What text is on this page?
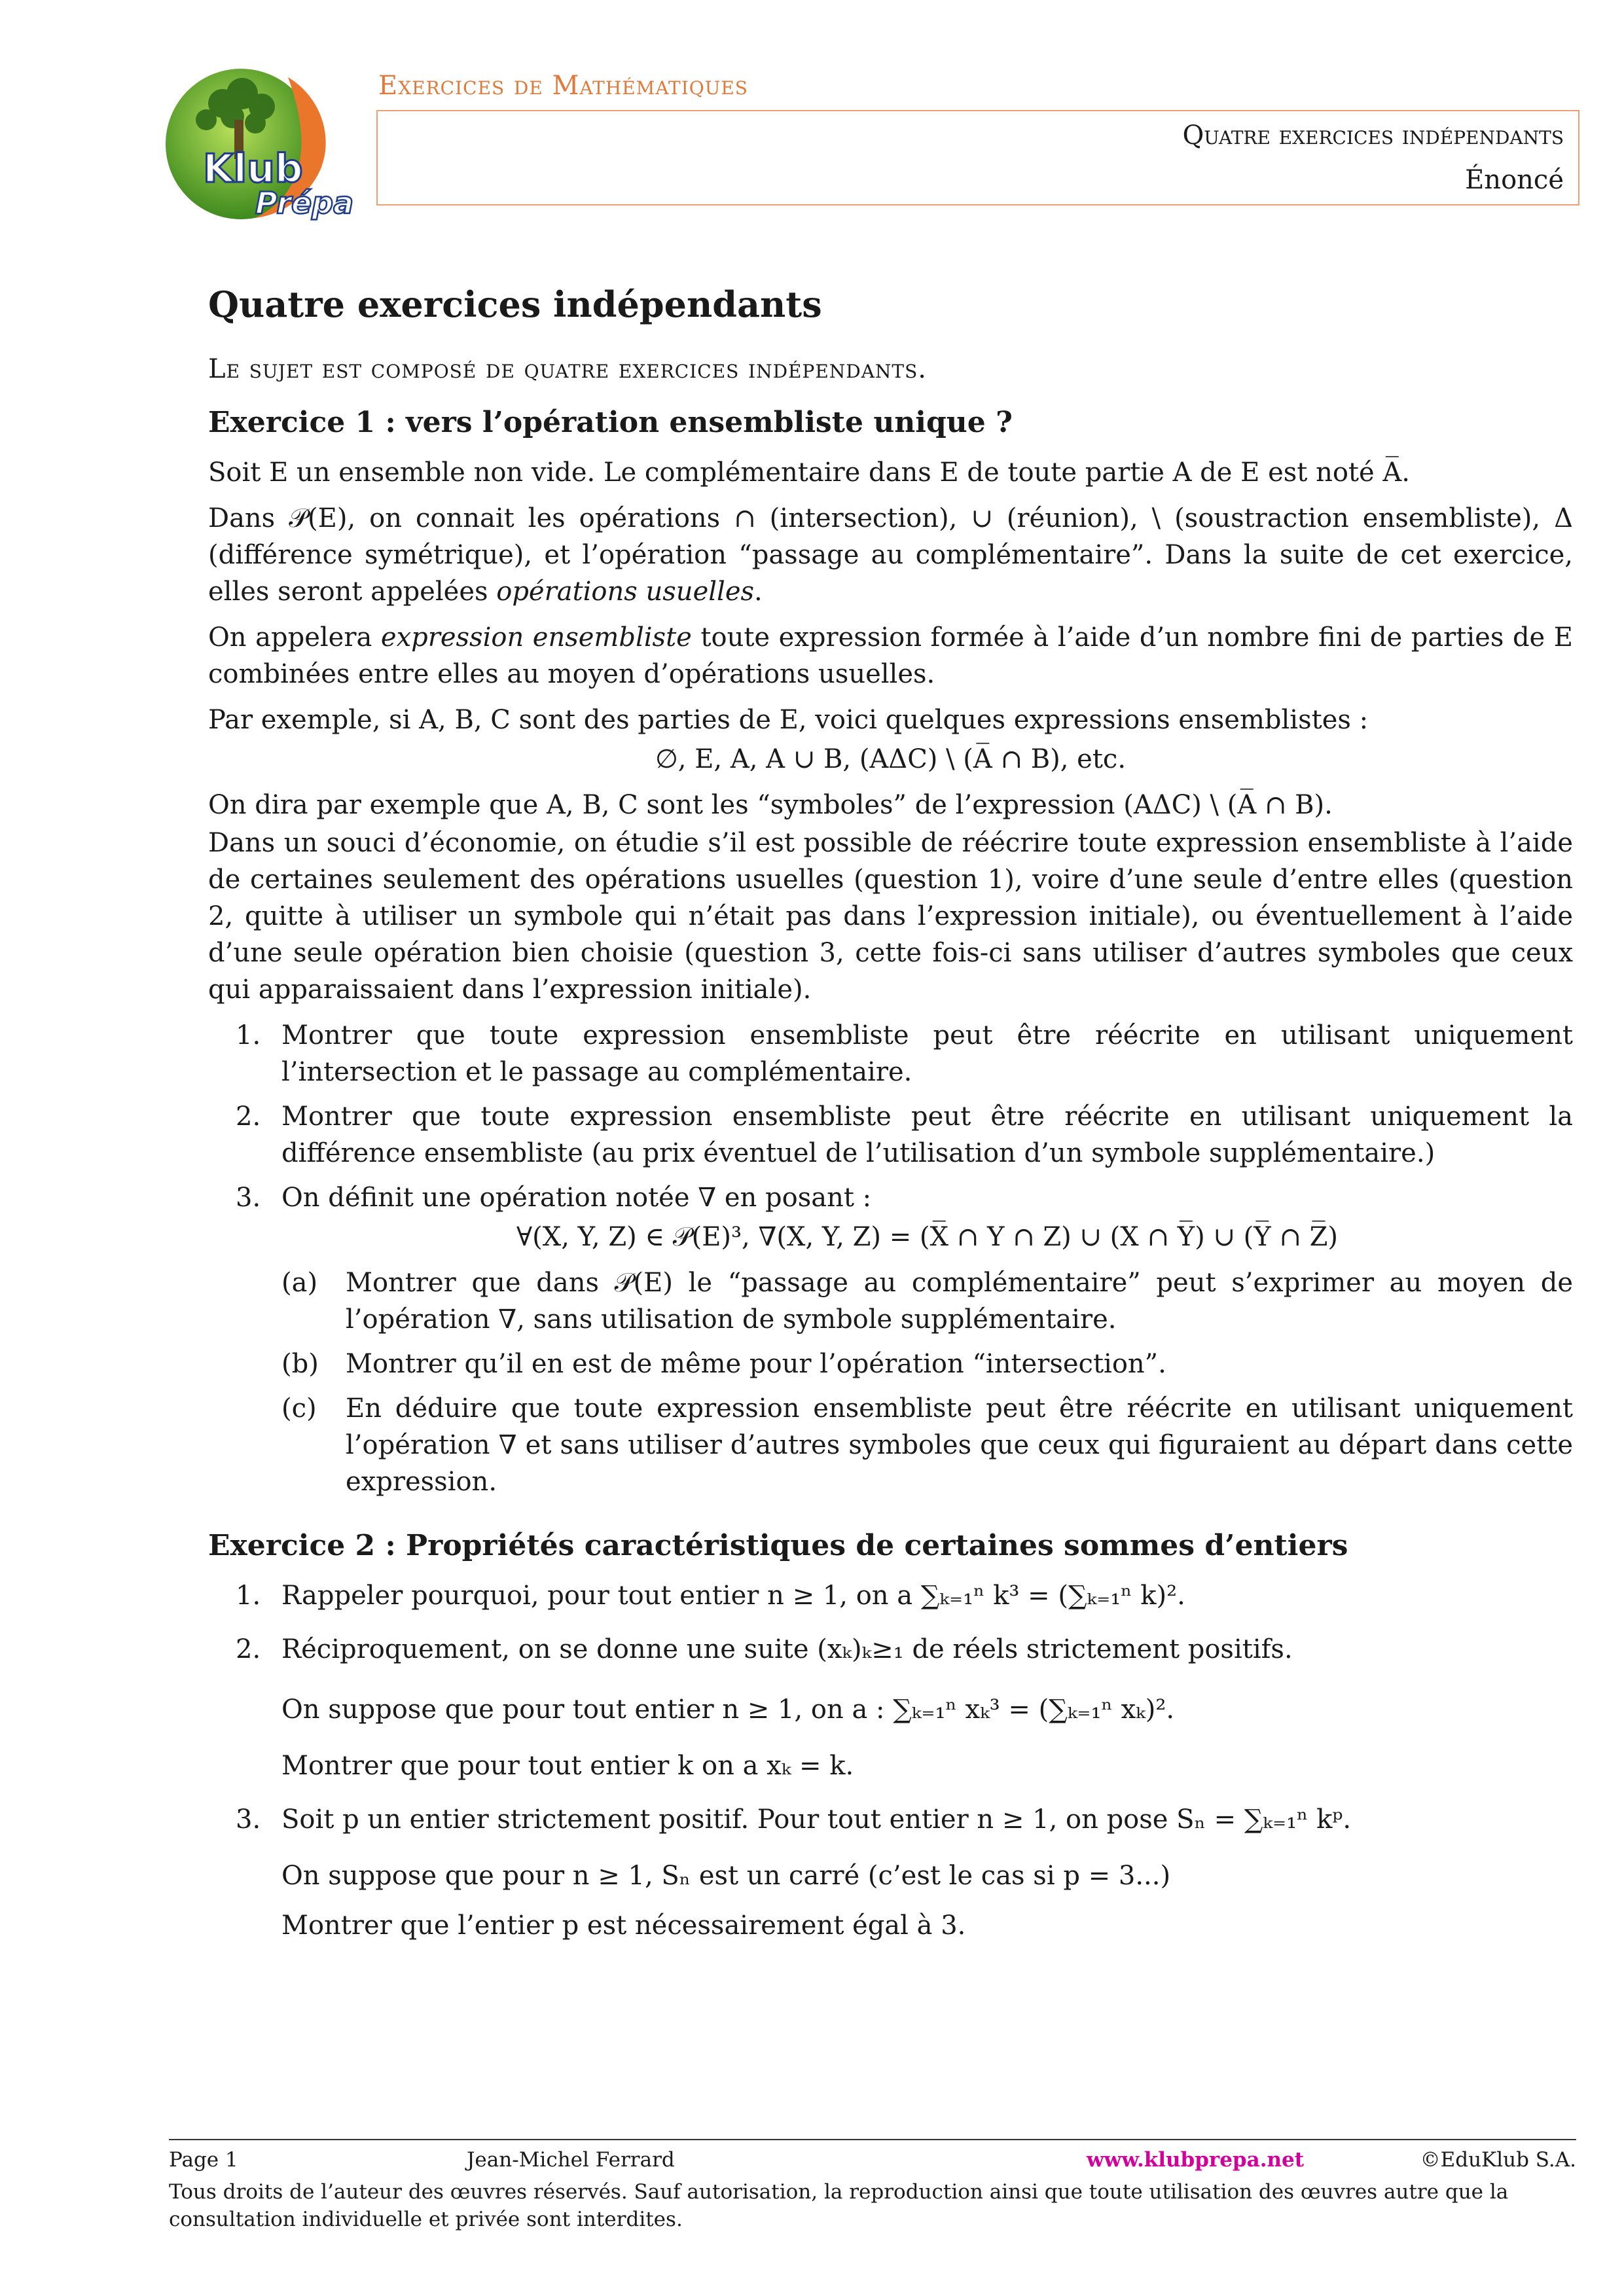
Klub
Prépa
Exercices de Mathématiques
Quatre exercices indépendants
Énoncé
Quatre exercices indépendants

Le sujet est composé de quatre exercices indépendants.

Exercice 1 : vers l’opération ensembliste unique ?

Soit E un ensemble non vide. Le complémentaire dans E de toute partie A de E est noté A̅.

Dans 𝒫(E), on connait les opérations ∩ (intersection), ∪ (réunion), \ (soustraction ensembliste), Δ (différence symétrique), et l’opération “passage au complémentaire”. Dans la suite de cet exercice, elles seront appelées opérations usuelles.

On appelera expression ensembliste toute expression formée à l’aide d’un nombre fini de parties de E combinées entre elles au moyen d’opérations usuelles.

Par exemple, si A, B, C sont des parties de E, voici quelques expressions ensemblistes :

∅, E, A, A ∪ B, (AΔC) \ (A̅ ∩ B), etc.

On dira par exemple que A, B, C sont les “symboles” de l’expression (AΔC) \ (A̅ ∩ B).

Dans un souci d’économie, on étudie s’il est possible de réécrire toute expression ensembliste à l’aide de certaines seulement des opérations usuelles (question 1), voire d’une seule d’entre elles (question 2, quitte à utiliser un symbole qui n’était pas dans l’expression initiale), ou éventuellement à l’aide d’une seule opération bien choisie (question 3, cette fois-ci sans utiliser d’autres symboles que ceux qui apparaissaient dans l’expression initiale).

1. Montrer que toute expression ensembliste peut être réécrite en utilisant uniquement l’intersection et le passage au complémentaire.
2. Montrer que toute expression ensembliste peut être réécrite en utilisant uniquement la différence ensembliste (au prix éventuel de l’utilisation d’un symbole supplémentaire.)
3. On définit une opération notée ∇ en posant :
∀(X, Y, Z) ∈ 𝒫(E)³, ∇(X, Y, Z) = (X̅ ∩ Y ∩ Z) ∪ (X ∩ Y̅) ∪ (Y̅ ∩ Z̅)
(a) Montrer que dans 𝒫(E) le “passage au complémentaire” peut s’exprimer au moyen de l’opération ∇, sans utilisation de symbole supplémentaire.
(b) Montrer qu’il en est de même pour l’opération “intersection”.
(c) En déduire que toute expression ensembliste peut être réécrite en utilisant uniquement l’opération ∇ et sans utiliser d’autres symboles que ceux qui figuraient au départ dans cette expression.
Exercice 2 : Propriétés caractéristiques de certaines sommes d’entiers
1. Rappeler pourquoi, pour tout entier n ≥ 1, on a ∑ₖ₌₁ⁿ k³ = (∑ₖ₌₁ⁿ k)².
2. Réciproquement, on se donne une suite (xₖ)ₖ≥₁ de réels strictement positifs.
On suppose que pour tout entier n ≥ 1, on a : ∑ₖ₌₁ⁿ xₖ³ = (∑ₖ₌₁ⁿ xₖ)².
Montrer que pour tout entier k on a xₖ = k.
3. Soit p un entier strictement positif. Pour tout entier n ≥ 1, on pose Sₙ = ∑ₖ₌₁ⁿ kᵖ.
On suppose que pour n ≥ 1, Sₙ est un carré (c’est le cas si p = 3...)
Montrer que l’entier p est nécessairement égal à 3.
Page 1	Jean-Michel Ferrard	www.klubprepa.net	©EduKlub S.A.
Tous droits de l’auteur des œuvres réservés. Sauf autorisation, la reproduction ainsi que toute utilisation des œuvres autre que la consultation individuelle et privée sont interdites.
